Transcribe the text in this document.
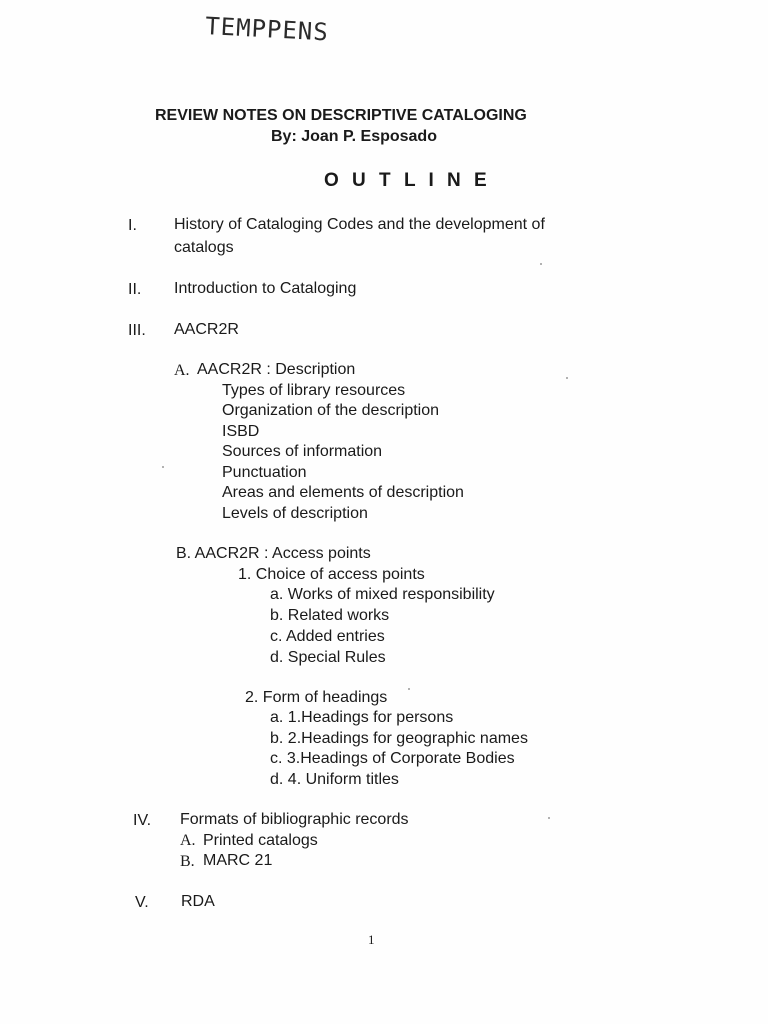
TEMPPENS
REVIEW NOTES ON DESCRIPTIVE CATALOGING
By: Joan P. Esposado
O U T L I N E
I. History of Cataloging Codes and the development of
catalogs
II. Introduction to Cataloging
III. AACR2R
A. AACR2R : Description
Types of library resources
Organization of the description
ISBD
Sources of information
Punctuation
Areas and elements of description
Levels of description
B. AACR2R : Access points
1. Choice of access points
a. Works of mixed responsibility
b. Related works
c. Added entries
d. Special Rules
2. Form of headings
a. 1.Headings for persons
b. 2.Headings for geographic names
c. 3.Headings of Corporate Bodies
d. 4. Uniform titles
IV. Formats of bibliographic records
A. Printed catalogs
B. MARC 21
V. RDA
1
